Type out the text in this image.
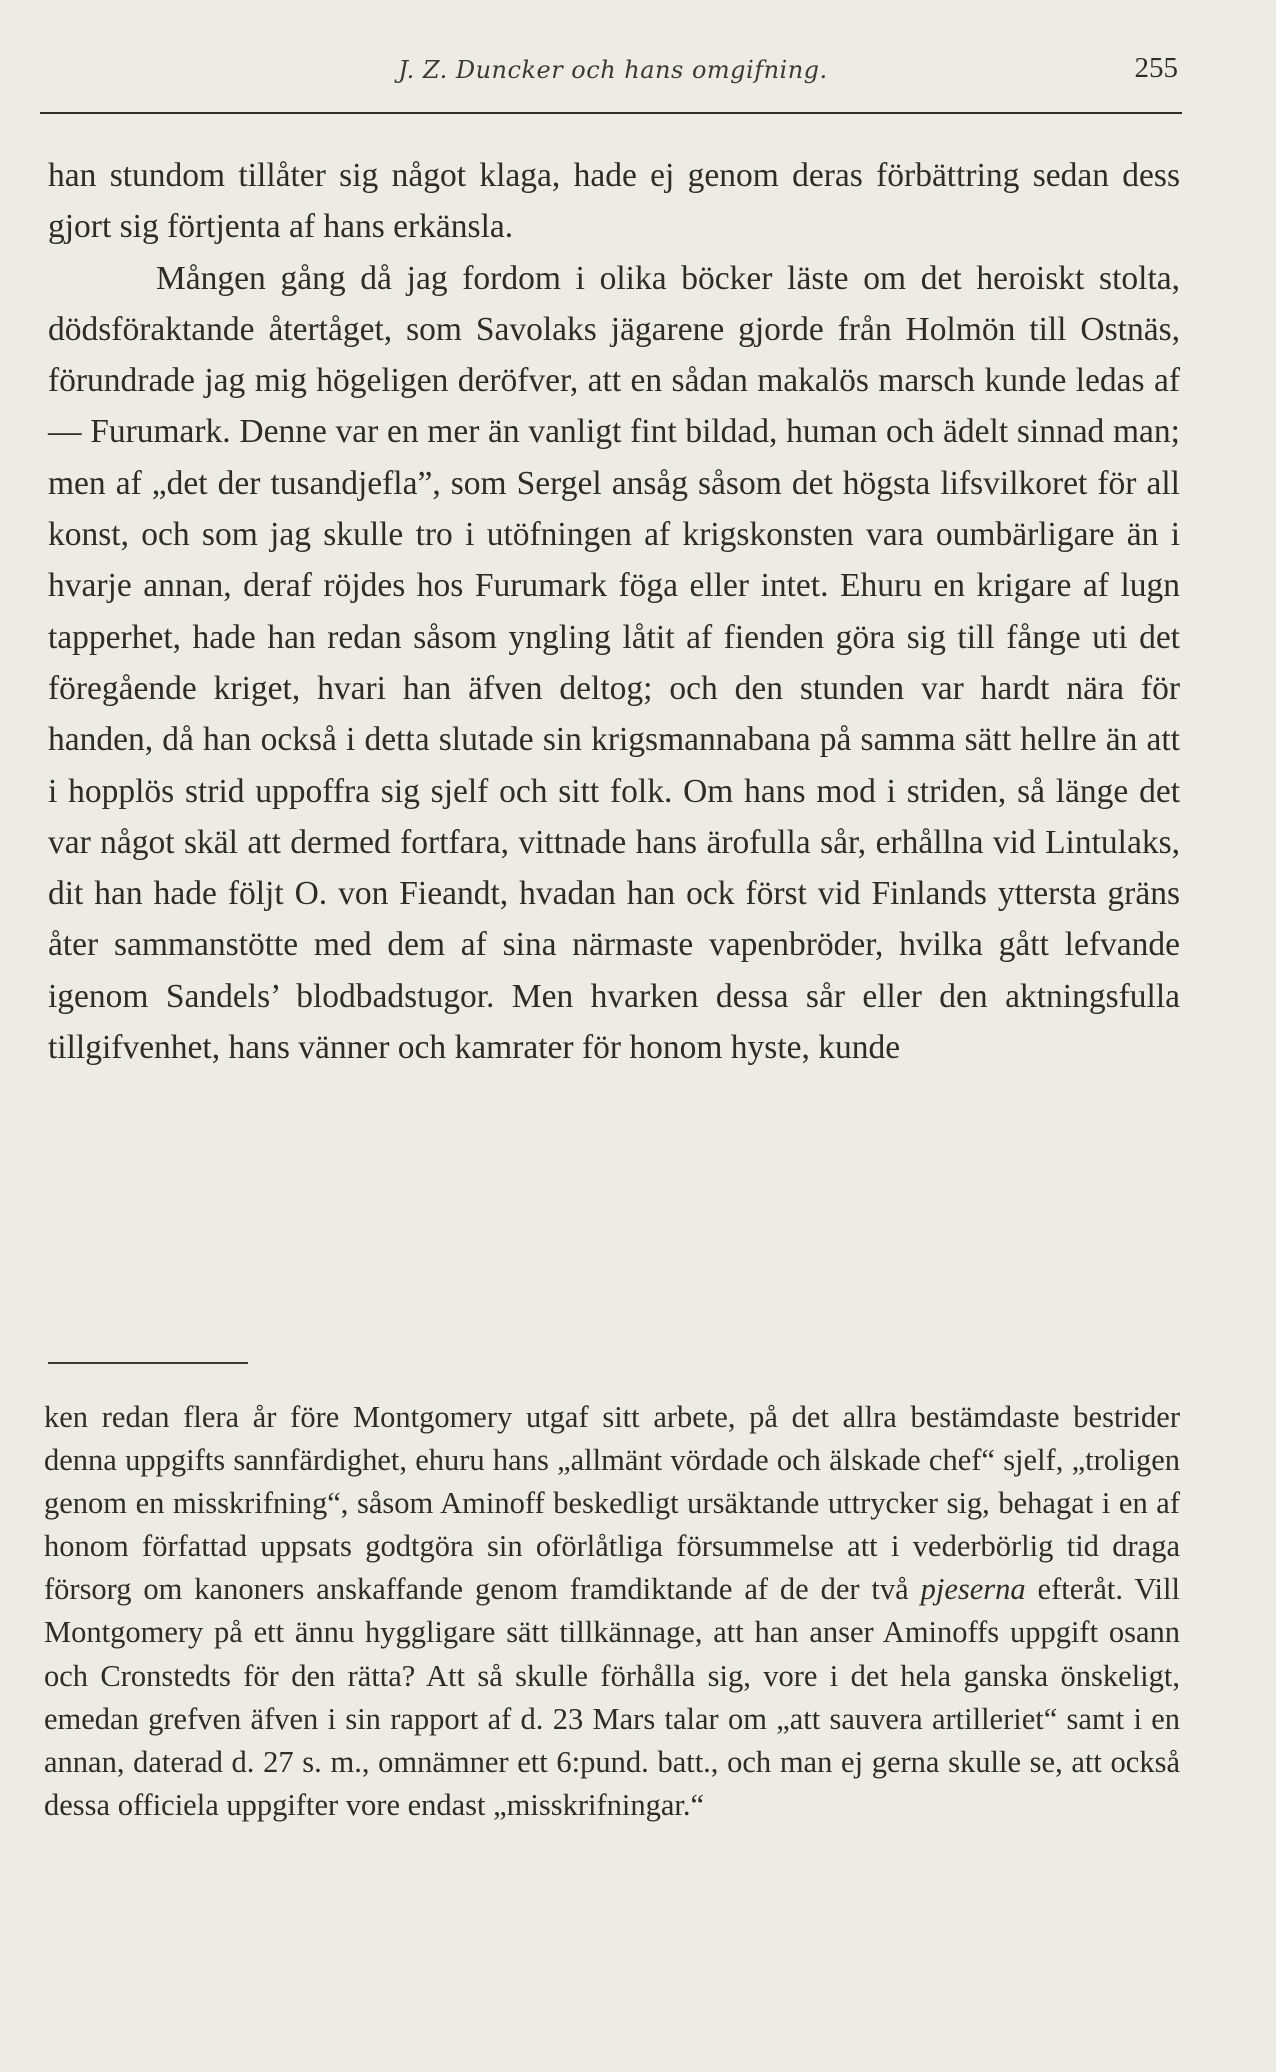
J. Z. Duncker och hans omgifning.	255

han stundom tillåter sig något klaga, hade ej genom deras förbättring sedan dess gjort sig förtjenta af hans erkänsla.

Mången gång då jag fordom i olika böcker läste om det heroiskt stolta, dödsföraktande återtåget, som Savolaks jägarene gjorde från Holmön till Ostnäs, förundrade jag mig högeligen deröfver, att en sådan makalös marsch kunde ledas af — Furumark. Denne var en mer än vanligt fint bildad, human och ädelt sinnad man; men af „det der tusandjefla”, som Sergel ansåg såsom det högsta lifsvilkoret för all konst, och som jag skulle tro i utöfningen af krigskonsten vara oumbärligare än i hvarje annan, deraf röjdes hos Furumark föga eller intet. Ehuru en krigare af lugn tapperhet, hade han redan såsom yngling låtit af fienden göra sig till fånge uti det föregående kriget, hvari han äfven deltog; och den stunden var hardt nära för handen, då han också i detta slutade sin krigsmannabana på samma sätt hellre än att i hopplös strid uppoffra sig sjelf och sitt folk. Om hans mod i striden, så länge det var något skäl att dermed fortfara, vittnade hans ärofulla sår, erhållna vid Lintulaks, dit han hade följt O. von Fieandt, hvadan han ock först vid Finlands yttersta gräns åter sammanstötte med dem af sina närmaste vapenbröder, hvilka gått lefvande igenom Sandels’ blodbadstugor. Men hvarken dessa sår eller den aktningsfulla tillgifvenhet, hans vänner och kamrater för honom hyste, kunde

ken redan flera år före Montgomery utgaf sitt arbete, på det allra bestämdaste bestrider denna uppgifts sannfärdighet, ehuru hans „allmänt vördade och älskade chef“ sjelf, „troligen genom en misskrifning“, såsom Aminoff beskedligt ursäktande uttrycker sig, behagat i en af honom författad uppsats godtgöra sin oförlåtliga försummelse att i vederbörlig tid draga försorg om kanoners anskaffande genom framdiktande af de der två pjeserna efteråt. Vill Montgomery på ett ännu hyggligare sätt tillkännage, att han anser Aminoffs uppgift osann och Cronstedts för den rätta? Att så skulle förhålla sig, vore i det hela ganska önskeligt, emedan grefven äfven i sin rapport af d. 23 Mars talar om „att sauvera artilleriet“ samt i en annan, daterad d. 27 s. m., omnämner ett 6:pund. batt., och man ej gerna skulle se, att också dessa officiela uppgifter vore endast „misskrifningar.“
